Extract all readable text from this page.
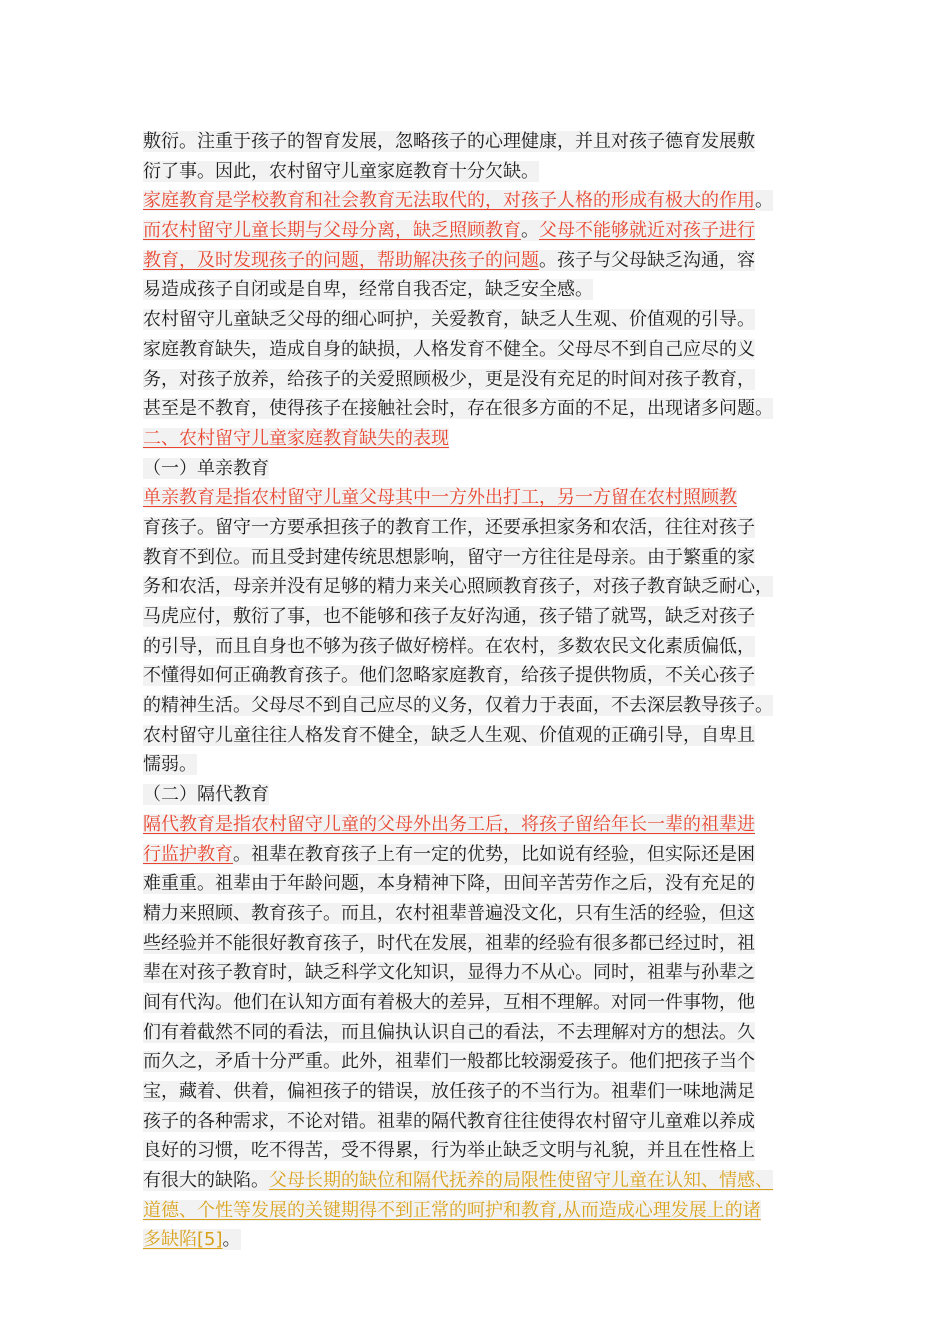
敷衍。注重于孩子的智育发展，忽略孩子的心理健康，并且对孩子德育发展敷
衍了事。因此，农村留守儿童家庭教育十分欠缺。
家庭教育是学校教育和社会教育无法取代的，对孩子人格的形成有极大的作用。
而农村留守儿童长期与父母分离，缺乏照顾教育。父母不能够就近对孩子进行
教育，及时发现孩子的问题，帮助解决孩子的问题。孩子与父母缺乏沟通，容
易造成孩子自闭或是自卑，经常自我否定，缺乏安全感。
农村留守儿童缺乏父母的细心呵护，关爱教育，缺乏人生观、价值观的引导。
家庭教育缺失，造成自身的缺损，人格发育不健全。父母尽不到自己应尽的义
务，对孩子放养，给孩子的关爱照顾极少，更是没有充足的时间对孩子教育，
甚至是不教育，使得孩子在接触社会时，存在很多方面的不足，出现诸多问题。
二、农村留守儿童家庭教育缺失的表现
（一）单亲教育
单亲教育是指农村留守儿童父母其中一方外出打工，另一方留在农村照顾教
育孩子。留守一方要承担孩子的教育工作，还要承担家务和农活，往往对孩子
教育不到位。而且受封建传统思想影响，留守一方往往是母亲。由于繁重的家
务和农活，母亲并没有足够的精力来关心照顾教育孩子，对孩子教育缺乏耐心，
马虎应付，敷衍了事，也不能够和孩子友好沟通，孩子错了就骂，缺乏对孩子
的引导，而且自身也不够为孩子做好榜样。在农村，多数农民文化素质偏低，
不懂得如何正确教育孩子。他们忽略家庭教育，给孩子提供物质，不关心孩子
的精神生活。父母尽不到自己应尽的义务，仅着力于表面，不去深层教导孩子。
农村留守儿童往往人格发育不健全，缺乏人生观、价值观的正确引导，自卑且
懦弱。
（二）隔代教育
隔代教育是指农村留守儿童的父母外出务工后，将孩子留给年长一辈的祖辈进
行监护教育。祖辈在教育孩子上有一定的优势，比如说有经验，但实际还是困
难重重。祖辈由于年龄问题，本身精神下降，田间辛苦劳作之后，没有充足的
精力来照顾、教育孩子。而且，农村祖辈普遍没文化，只有生活的经验，但这
些经验并不能很好教育孩子，时代在发展，祖辈的经验有很多都已经过时，祖
辈在对孩子教育时，缺乏科学文化知识，显得力不从心。同时，祖辈与孙辈之
间有代沟。他们在认知方面有着极大的差异，互相不理解。对同一件事物，他
们有着截然不同的看法，而且偏执认识自己的看法，不去理解对方的想法。久
而久之，矛盾十分严重。此外，祖辈们一般都比较溺爱孩子。他们把孩子当个
宝，藏着、供着，偏袒孩子的错误，放任孩子的不当行为。祖辈们一味地满足
孩子的各种需求，不论对错。祖辈的隔代教育往往使得农村留守儿童难以养成
良好的习惯，吃不得苦，受不得累，行为举止缺乏文明与礼貌，并且在性格上
有很大的缺陷。父母长期的缺位和隔代抚养的局限性使留守儿童在认知、情感、
道德、个性等发展的关键期得不到正常的呵护和教育,从而造成心理发展上的诸
多缺陷[5]。
